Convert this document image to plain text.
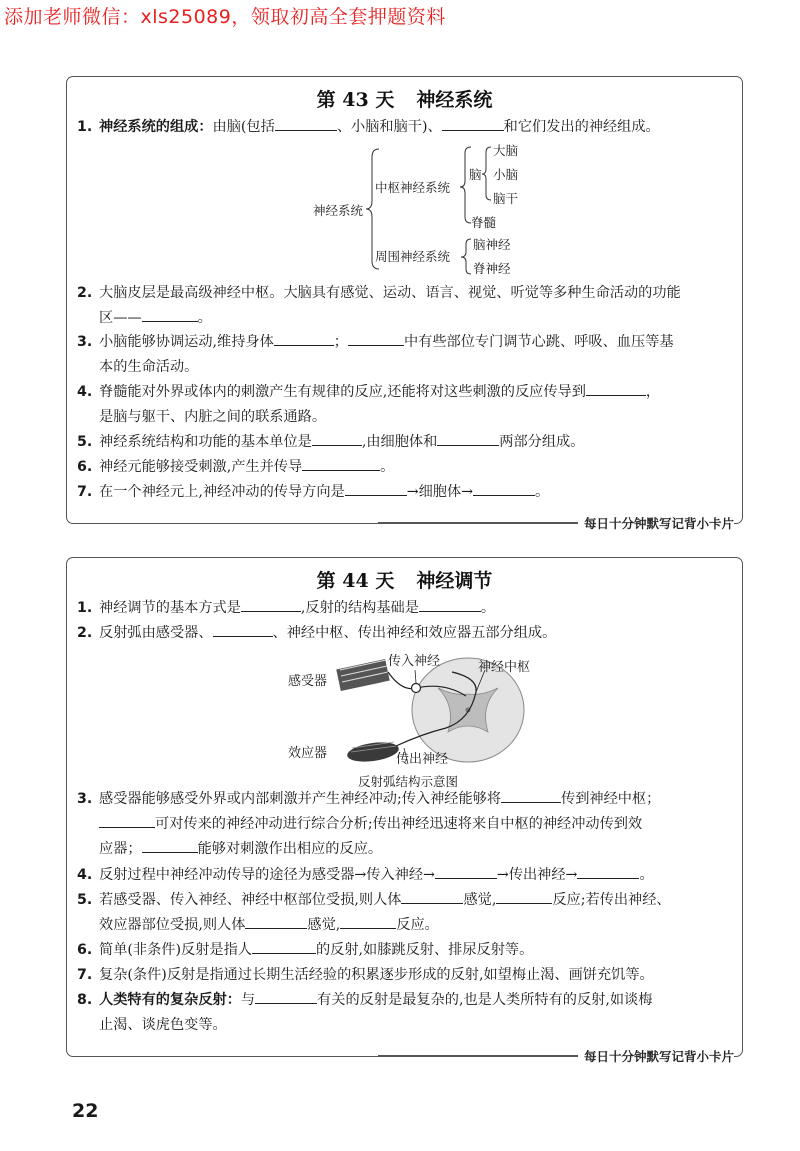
添加老师微信：xls25089，领取初高全套押题资料
第 43 天 神经系统
1. 神经系统的组成：由脑(包括	、小脑和脑干)、	和它们发出的神经组成。
神经系统
中枢神经系统
周围神经系统
脑
大脑
小脑
脑干
脊髓
脑神经
脊神经
2. 大脑皮层是最高级神经中枢。大脑具有感觉、运动、语言、视觉、听觉等多种生命活动的功能
区——	。
3. 小脑能够协调运动,维持身体	；	中有些部位专门调节心跳、呼吸、血压等基
本的生命活动。
4. 脊髓能对外界或体内的刺激产生有规律的反应,还能将对这些刺激的反应传导到	，
是脑与躯干、内脏之间的联系通路。
5. 神经系统结构和功能的基本单位是	,由细胞体和	两部分组成。
6. 神经元能够接受刺激,产生并传导	。
7. 在一个神经元上,神经冲动的传导方向是	→细胞体→	。
每日十分钟默写记背小卡片
第 44 天 神经调节
1. 神经调节的基本方式是	,反射的结构基础是	。
2. 反射弧由感受器、	、神经中枢、传出神经和效应器五部分组成。
3. 感受器能够感受外界或内部刺激并产生神经冲动;传入神经能够将	传到神经中枢；
可对传来的神经冲动进行综合分析;传出神经迅速将来自中枢的神经冲动传到效
应器；	能够对刺激作出相应的反应。
4. 反射过程中神经冲动传导的途径为感受器→传入神经→	→传出神经→	。
5. 若感受器、传入神经、神经中枢部位受损,则人体	感觉,	反应;若传出神经、
效应器部位受损,则人体	感觉,	反应。
6. 简单(非条件)反射是指人	的反射,如膝跳反射、排尿反射等。
7. 复杂(条件)反射是指通过长期生活经验的积累逐步形成的反射,如望梅止渴、画饼充饥等。
8. 人类特有的复杂反射：与	有关的反射是最复杂的,也是人类所特有的反射,如谈梅
止渴、谈虎色变等。
每日十分钟默写记背小卡片
感受器
传入神经	神经中枢
效应器	传出神经
反射弧结构示意图
22
